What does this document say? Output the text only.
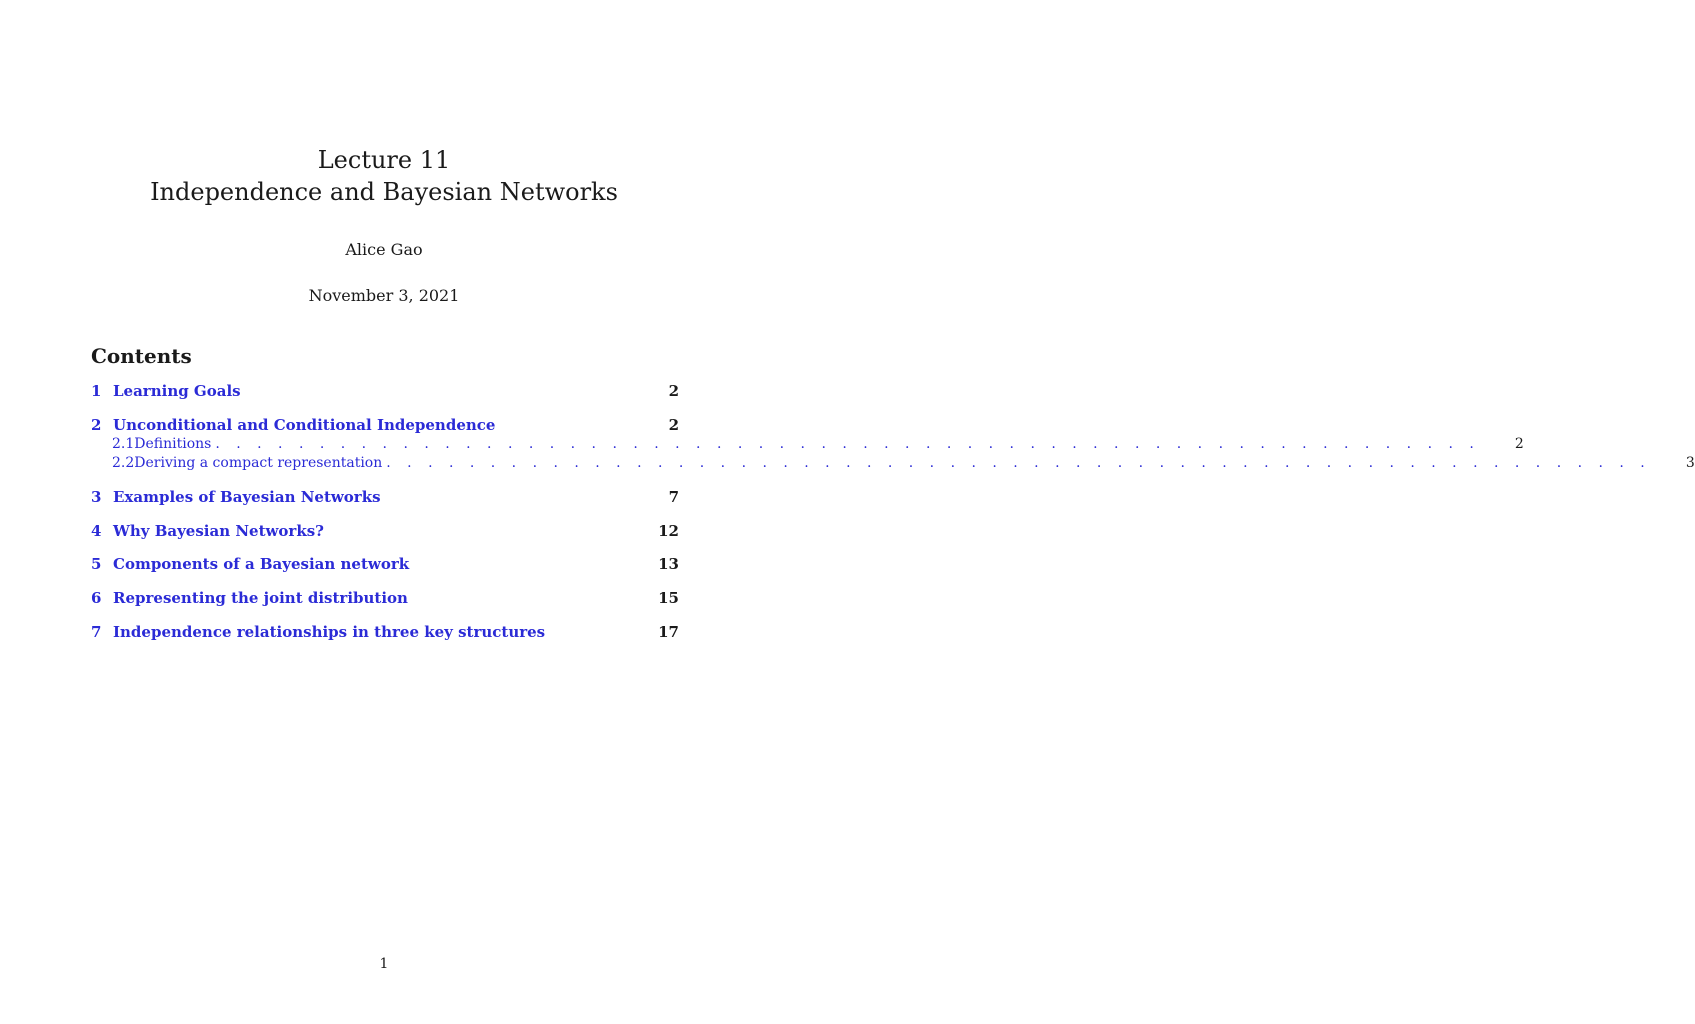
Lecture 11
Independence and Bayesian Networks
Alice Gao
November 3, 2021
Contents
1 Learning Goals	2
2 Unconditional and Conditional Independence	2
2.1 Definitions . . . . . . . . . . . . . . . . . . . . . . . . . . . . . . . . . . . . . . . . . . . . . . . . . . . . . . . . . . . . .	2
2.2 Deriving a compact representation . . . . . . . . . . . . . . . . . . . . . . . . . . . . . . . . . . . . . . . . . . . . . . . . . . . . . . . . . . . . .	3
3 Examples of Bayesian Networks	7
4 Why Bayesian Networks?	12
5 Components of a Bayesian network	13
6 Representing the joint distribution	15
7 Independence relationships in three key structures	17
1
